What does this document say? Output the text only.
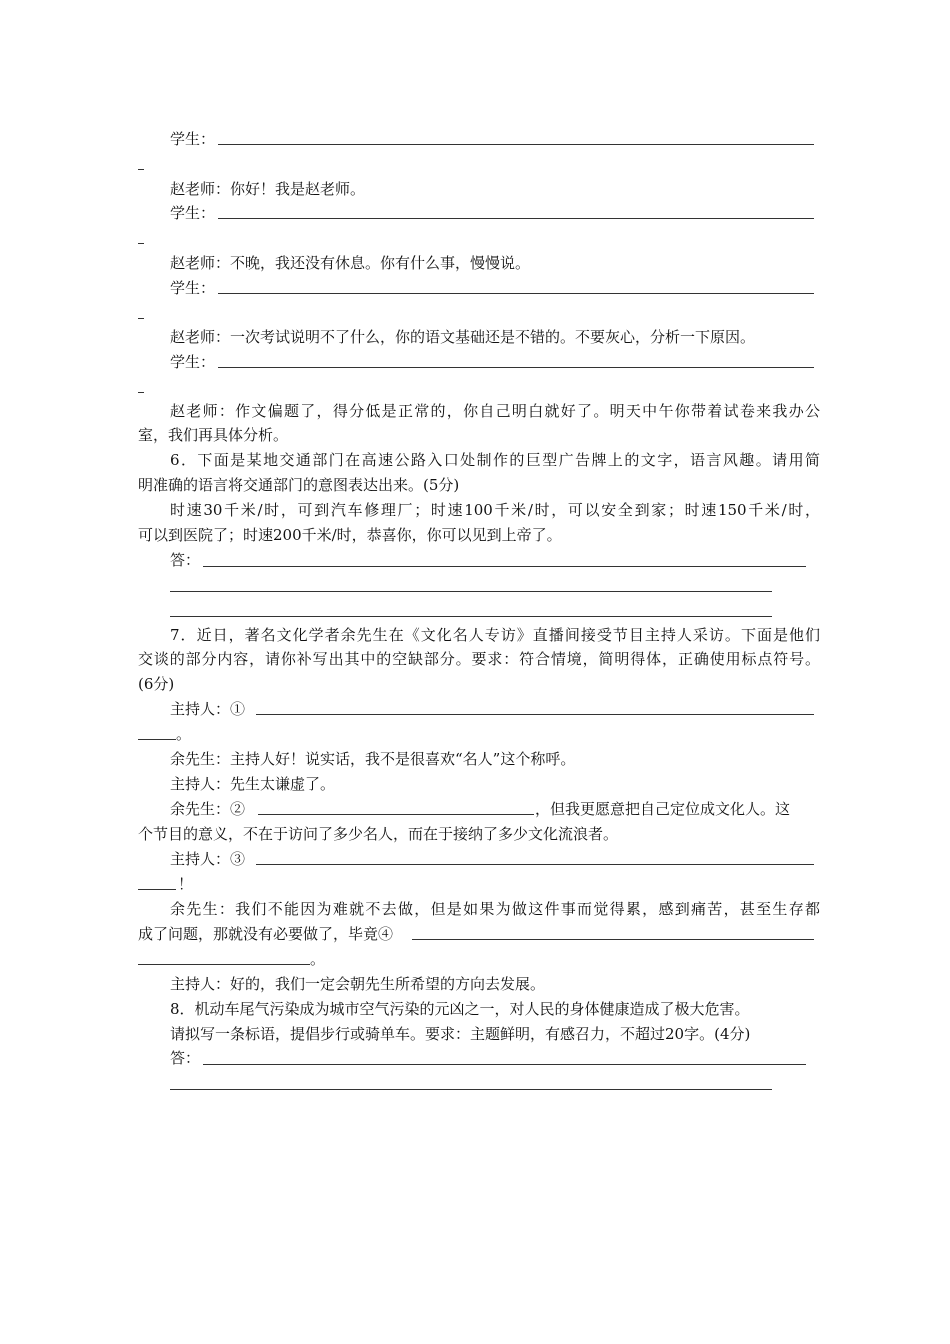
学生：
赵老师：你好！我是赵老师。
学生：
赵老师：不晚，我还没有休息。你有什么事，慢慢说。
学生：
赵老师：一次考试说明不了什么，你的语文基础还是不错的。不要灰心，分析一下原因。
学生：
赵老师：作文偏题了，得分低是正常的，你自己明白就好了。明天中午你带着试卷来我办公
室，我们再具体分析。
6．下面是某地交通部门在高速公路入口处制作的巨型广告牌上的文字，语言风趣。请用简
明准确的语言将交通部门的意图表达出来。(5分)
时速30千米/时，可到汽车修理厂；时速100千米/时，可以安全到家；时速150千米/时，
可以到医院了；时速200千米/时，恭喜你，你可以见到上帝了。
答：
7．近日，著名文化学者余先生在《文化名人专访》直播间接受节目主持人采访。下面是他们
交谈的部分内容，请你补写出其中的空缺部分。要求：符合情境，简明得体，正确使用标点符号。
(6分)
主持人：①
。
余先生：主持人好！说实话，我不是很喜欢“名人”这个称呼。
主持人：先生太谦虚了。
余先生：②	，但我更愿意把自己定位成文化人。这
个节目的意义，不在于访问了多少名人，而在于接纳了多少文化流浪者。
主持人：③
！
余先生：我们不能因为难就不去做，但是如果为做这件事而觉得累，感到痛苦，甚至生存都
成了问题，那就没有必要做了，毕竟④
。
主持人：好的，我们一定会朝先生所希望的方向去发展。
8．机动车尾气污染成为城市空气污染的元凶之一，对人民的身体健康造成了极大危害。
请拟写一条标语，提倡步行或骑单车。要求：主题鲜明，有感召力，不超过20字。(4分)
答：
